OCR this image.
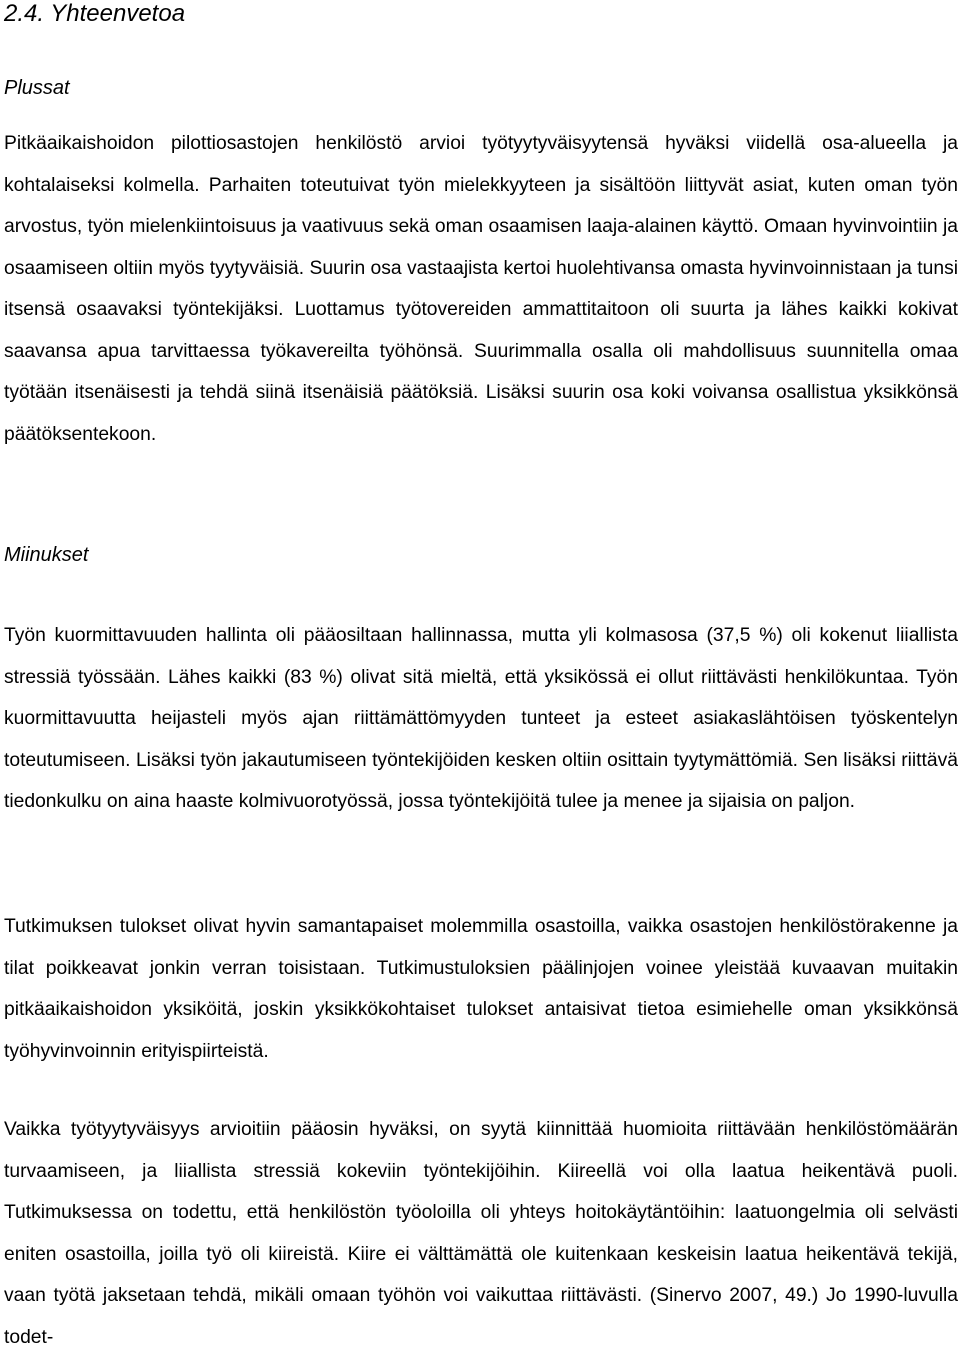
2.4. Yhteenvetoa
Plussat

Pitkäaikaishoidon pilottiosastojen henkilöstö arvioi työtyytyväisyytensä hyväksi viidellä osa-alueella ja kohtalaiseksi kolmella. Parhaiten toteutuivat työn mielekkyyteen ja sisältöön liittyvät asiat, kuten oman työn arvostus, työn mielenkiintoisuus ja vaativuus sekä oman osaamisen laaja-alainen käyttö. Omaan hyvinvointiin ja osaamiseen oltiin myös tyytyväisiä. Suurin osa vastaajista kertoi huolehtivansa omasta hyvinvoinnistaan ja tunsi itsensä osaavaksi työntekijäksi. Luottamus työtovereiden ammattitaitoon oli suurta ja lähes kaikki kokivat saavansa apua tarvittaessa työkavereilta työhönsä. Suurimmalla osalla oli mahdollisuus suunnitella omaa työtään itsenäisesti ja tehdä siinä itsenäisiä päätöksiä. Lisäksi suurin osa koki voivansa osallistua yksikkönsä päätöksentekoon.

Miinukset

Työn kuormittavuuden hallinta oli pääosiltaan hallinnassa, mutta yli kolmasosa (37,5 %) oli kokenut liiallista stressiä työssään. Lähes kaikki (83 %) olivat sitä mieltä, että yksikössä ei ollut riittävästi henkilökuntaa. Työn kuormittavuutta heijasteli myös ajan riittämättömyyden tunteet ja esteet asiakaslähtöisen työskentelyn toteutumiseen. Lisäksi työn jakautumiseen työntekijöiden kesken oltiin osittain tyytymättömiä. Sen lisäksi riittävä tiedonkulku on aina haaste kolmivuorotyössä, jossa työntekijöitä tulee ja menee ja sijaisia on paljon.

Tutkimuksen tulokset olivat hyvin samantapaiset molemmilla osastoilla, vaikka osastojen henkilöstörakenne ja tilat poikkeavat jonkin verran toisistaan. Tutkimustuloksien päälinjojen voinee yleistää kuvaavan muitakin pitkäaikaishoidon yksiköitä, joskin yksikkökohtaiset tulokset antaisivat tietoa esimiehelle oman yksikkönsä työhyvinvoinnin erityispiirteistä.

Vaikka työtyytyväisyys arvioitiin pääosin hyväksi, on syytä kiinnittää huomioita riittävään henkilöstömäärän turvaamiseen, ja liiallista stressiä kokeviin työntekijöihin. Kiireellä voi olla laatua heikentävä puoli. Tutkimuksessa on todettu, että henkilöstön työoloilla oli yhteys hoitokäytäntöihin: laatuongelmia oli selvästi eniten osastoilla, joilla työ oli kiireistä. Kiire ei välttämättä ole kuitenkaan keskeisin laatua heikentävä tekijä, vaan työtä jaksetaan tehdä, mikäli omaan työhön voi vaikuttaa riittävästi. (Sinervo 2007, 49.) Jo 1990-luvulla todet-
